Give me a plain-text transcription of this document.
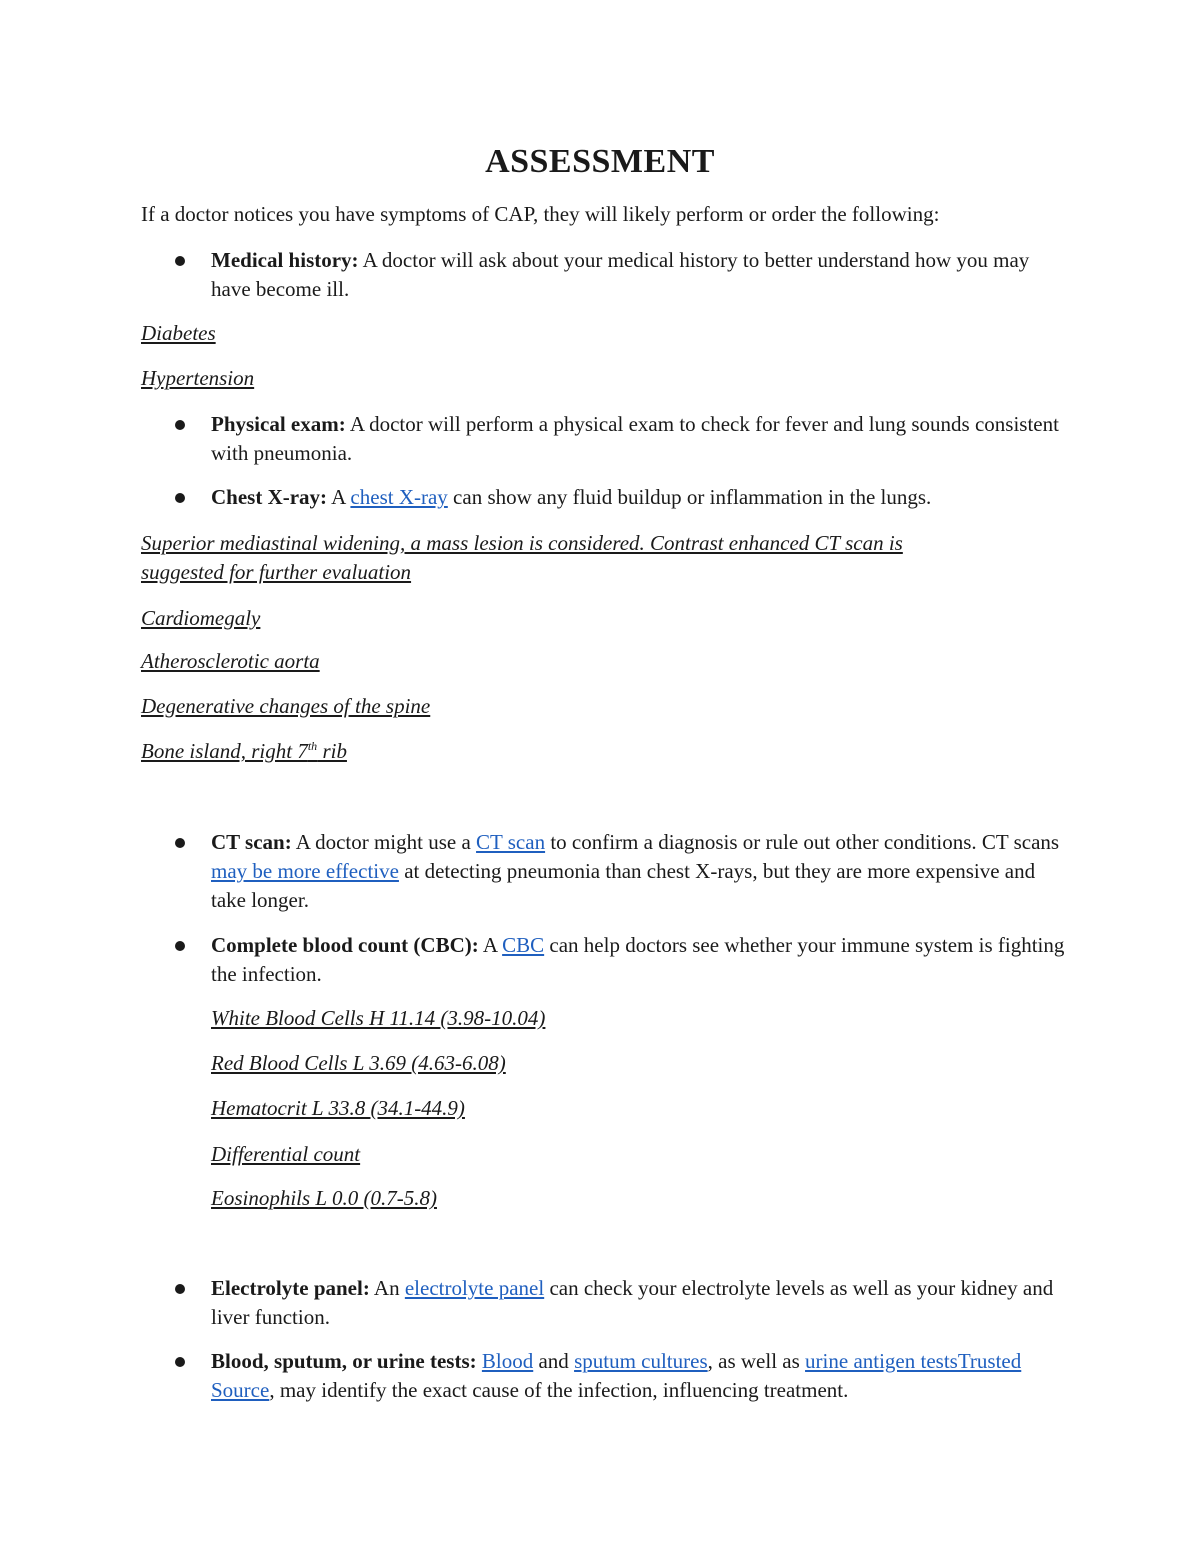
ASSESSMENT
If a doctor notices you have symptoms of CAP, they will likely perform or order the following:
Medical history: A doctor will ask about your medical history to better understand how you may have become ill.
Diabetes
Hypertension
Physical exam: A doctor will perform a physical exam to check for fever and lung sounds consistent with pneumonia.
Chest X-ray: A chest X-ray can show any fluid buildup or inflammation in the lungs.
Superior mediastinal widening, a mass lesion is considered. Contrast enhanced CT scan is
suggested for further evaluation
Cardiomegaly
Atherosclerotic aorta
Degenerative changes of the spine
Bone island, right 7th rib
CT scan: A doctor might use a CT scan to confirm a diagnosis or rule out other conditions. CT scans may be more effective at detecting pneumonia than chest X-rays, but they are more expensive and take longer.
Complete blood count (CBC): A CBC can help doctors see whether your immune system is fighting the infection.
White Blood Cells H 11.14 (3.98-10.04)
Red Blood Cells L 3.69 (4.63-6.08)
Hematocrit L 33.8 (34.1-44.9)
Differential count
Eosinophils L 0.0 (0.7-5.8)
Electrolyte panel: An electrolyte panel can check your electrolyte levels as well as your kidney and liver function.
Blood, sputum, or urine tests: Blood and sputum cultures, as well as urine antigen testsTrusted Source, may identify the exact cause of the infection, influencing treatment.
